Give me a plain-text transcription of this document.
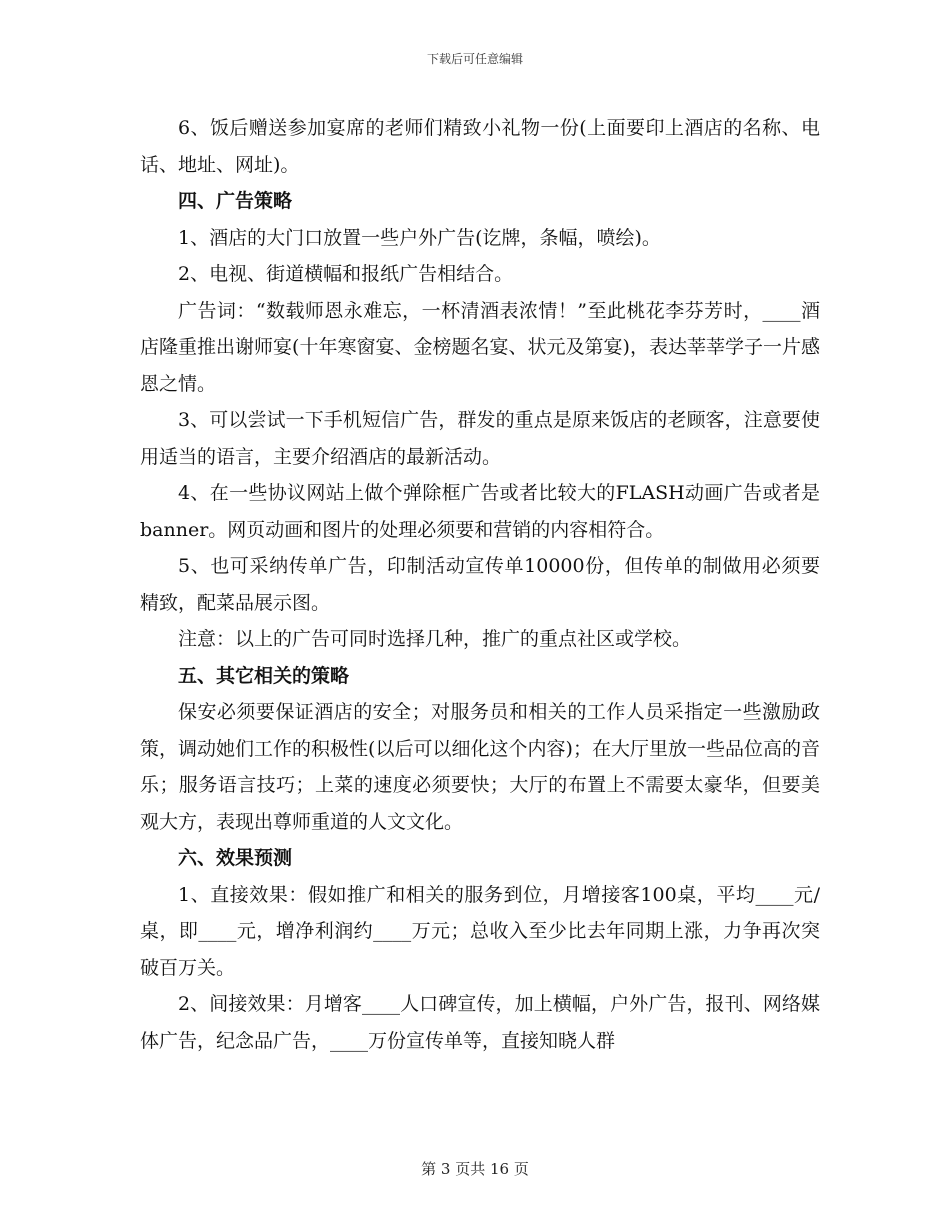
下载后可任意编辑

6、饭后赠送参加宴席的老师们精致小礼物一份(上面要印上酒店的名称、电话、地址、网址)。

四、广告策略

1、酒店的大门口放置一些户外广告(讫牌，条幅，喷绘)。

2、电视、街道横幅和报纸广告相结合。

广告词：“数载师恩永难忘，一杯清酒表浓情！”至此桃花李芬芳时，____酒店隆重推出谢师宴(十年寒窗宴、金榜题名宴、状元及第宴)，表达莘莘学子一片感恩之情。

3、可以尝试一下手机短信广告，群发的重点是原来饭店的老顾客，注意要使用适当的语言，主要介绍酒店的最新活动。

4、在一些协议网站上做个弹除框广告或者比较大的FLASH动画广告或者是banner。网页动画和图片的处理必须要和营销的内容相符合。

5、也可采纳传单广告，印制活动宣传单10000份，但传单的制做用必须要精致，配菜品展示图。

注意：以上的广告可同时选择几种，推广的重点社区或学校。

五、其它相关的策略

保安必须要保证酒店的安全；对服务员和相关的工作人员采指定一些激励政策，调动她们工作的积极性(以后可以细化这个内容)；在大厅里放一些品位高的音乐；服务语言技巧；上菜的速度必须要快；大厅的布置上不需要太豪华，但要美观大方，表现出尊师重道的人文文化。

六、效果预测

1、直接效果：假如推广和相关的服务到位，月增接客100桌，平均____元/桌，即____元，增净利润约____万元；总收入至少比去年同期上涨，力争再次突破百万关。

2、间接效果：月增客____人口碑宣传，加上横幅，户外广告，报刊、网络媒体广告，纪念品广告，____万份宣传单等，直接知晓人群

第 3 页共 16 页
